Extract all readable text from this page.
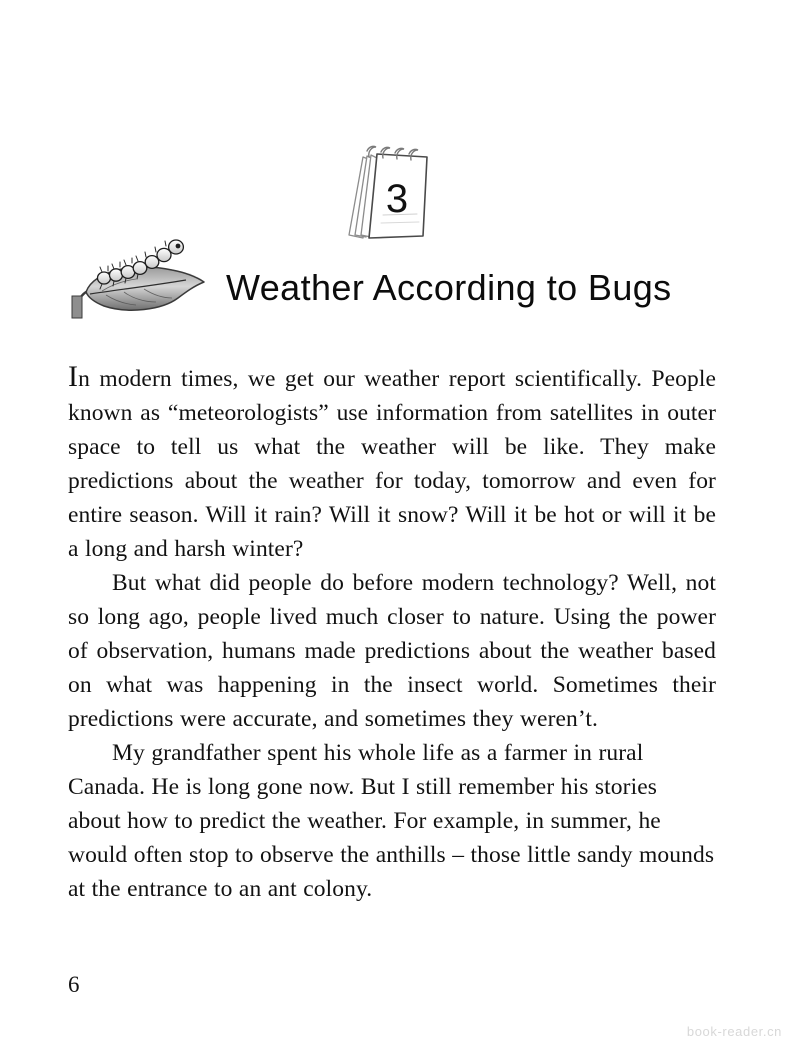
3
Weather According to Bugs

In modern times, we get our weather report scientifically. People known as “meteorologists” use information from satellites in outer space to tell us what the weather will be like. They make predictions about the weather for today, tomorrow and even for entire season. Will it rain? Will it snow? Will it be hot or will it be a long and harsh winter?

But what did people do before modern technology? Well, not so long ago, people lived much closer to nature. Using the power of observation, humans made predictions about the weather based on what was happening in the insect world. Sometimes their predictions were accurate, and sometimes they weren’t.

My grandfather spent his whole life as a farmer in rural Canada. He is long gone now. But I still remember his stories about how to predict the weather. For example, in summer, he would often stop to observe the anthills – those little sandy mounds at the entrance to an ant colony.

6
book-reader.cn
